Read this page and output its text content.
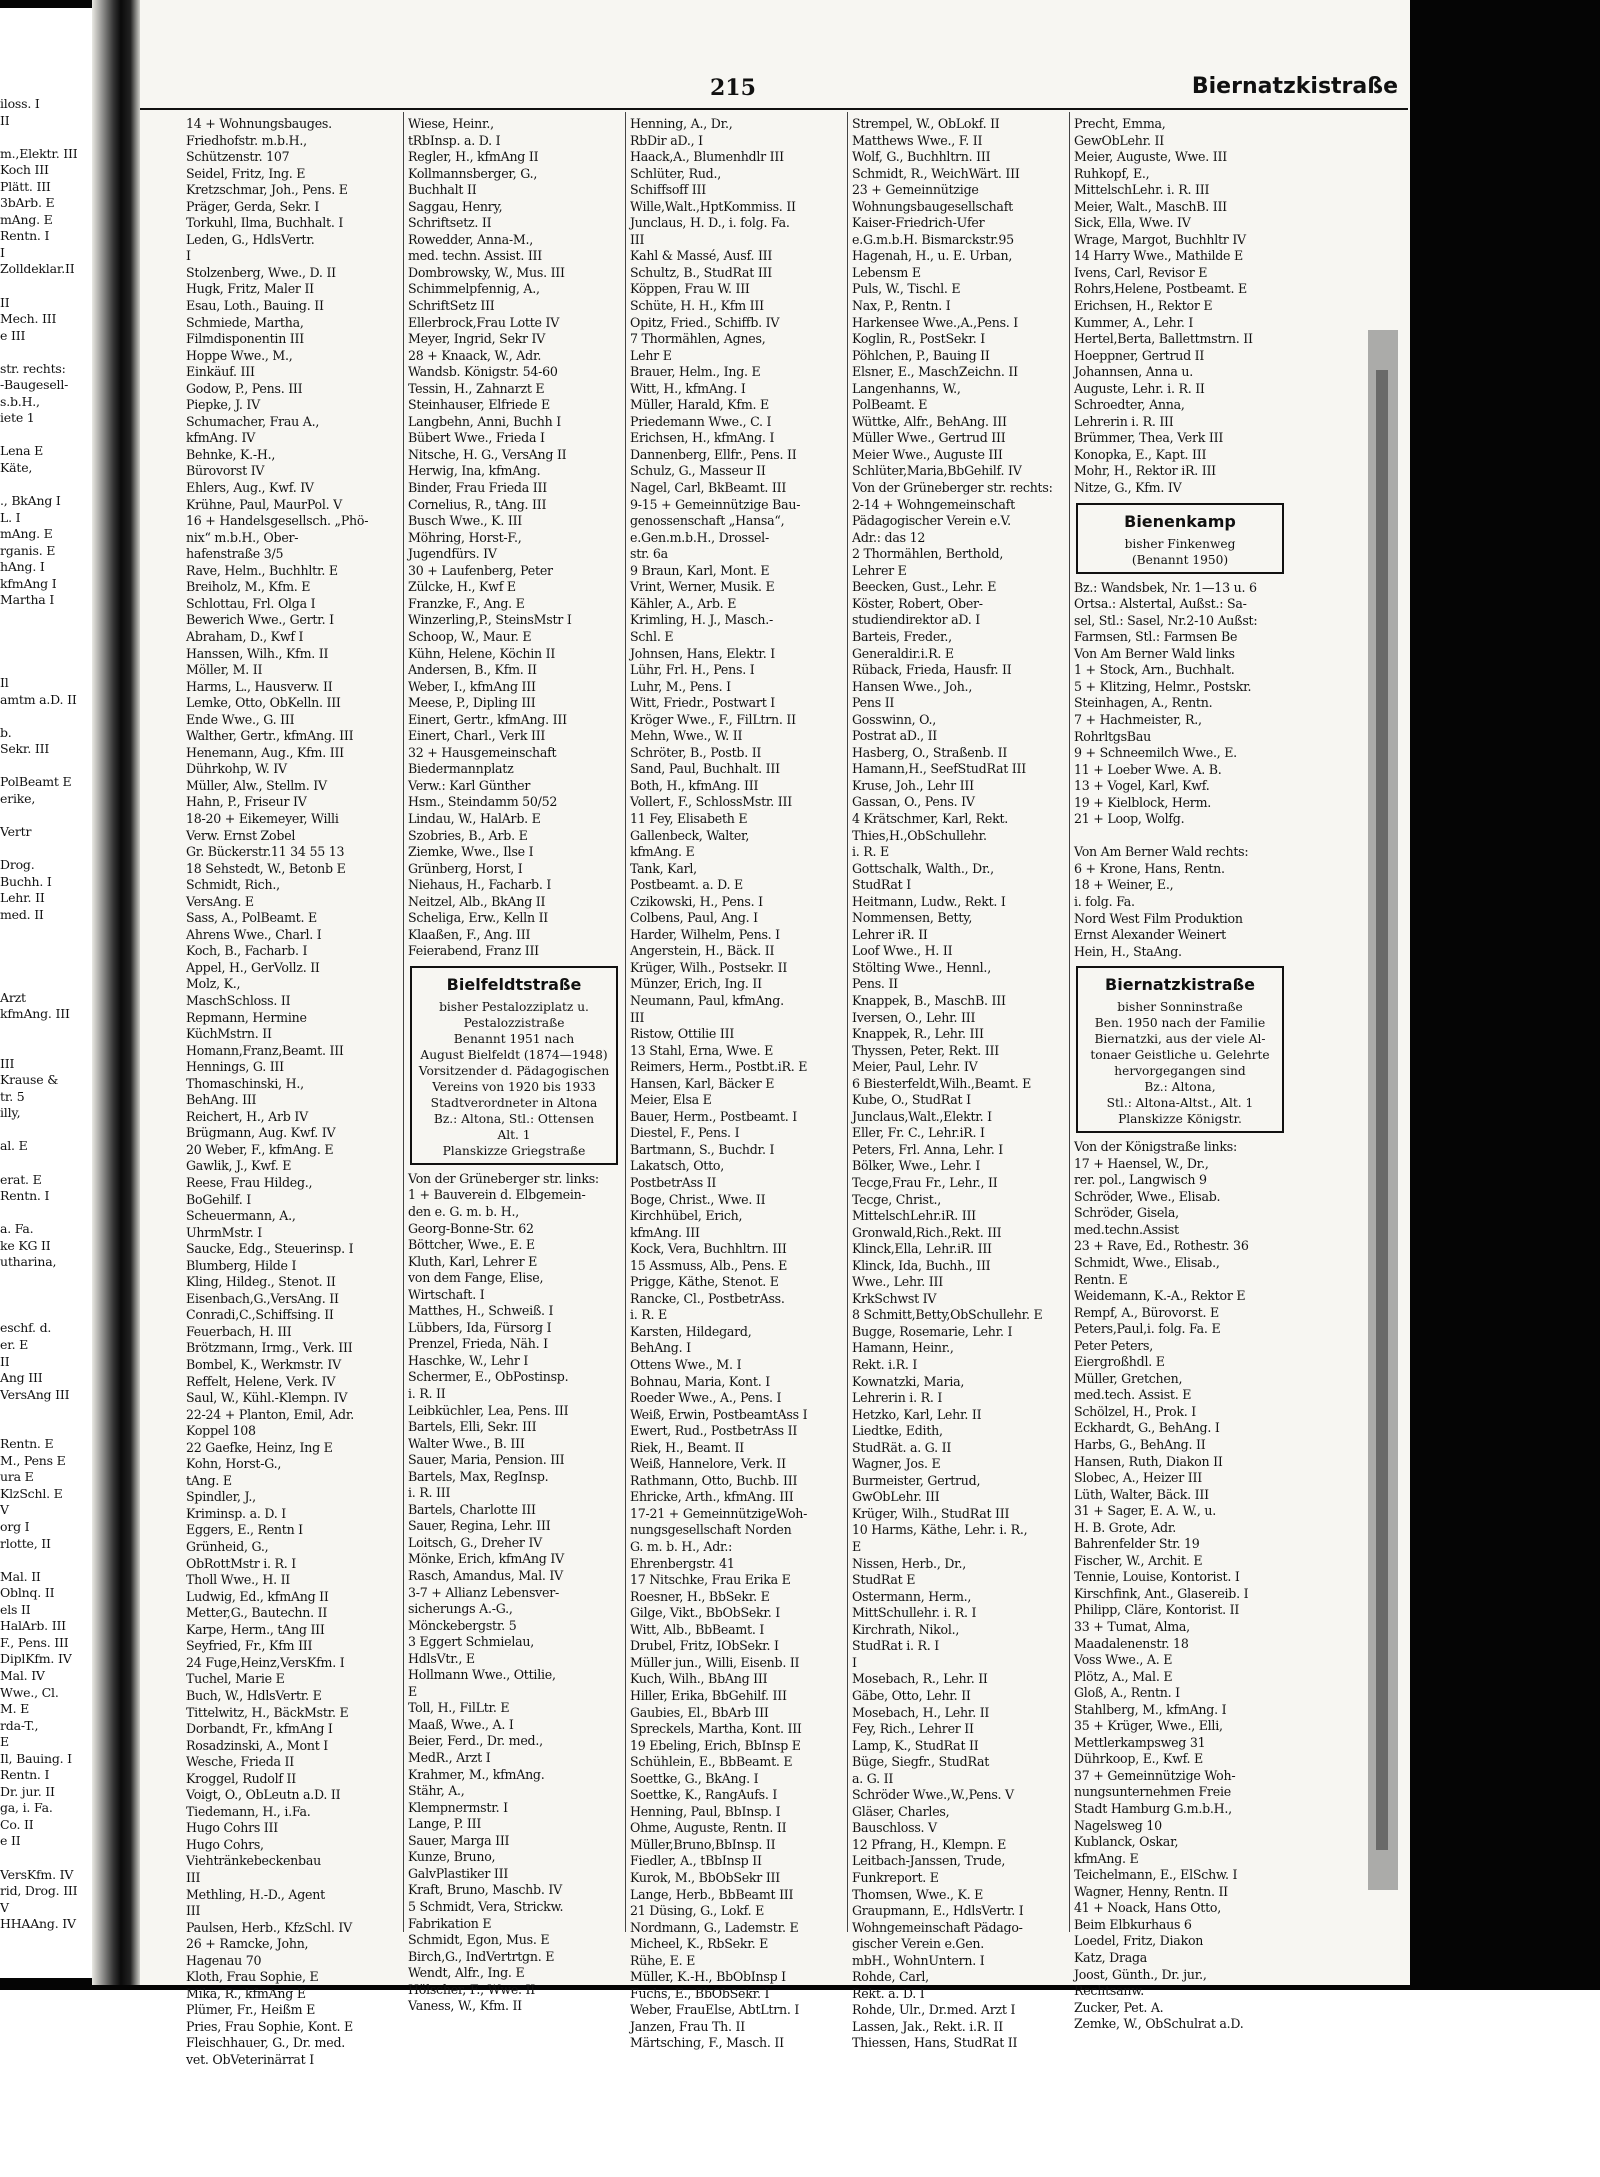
iloss. I
II

m.,Elektr. III
Koch III
Plätt. III
3bArb. E
mAng. E
Rentn. I
I
Zolldeklar.II

II
Mech. III
e III

str. rechts:
-Baugesell-
s.b.H.,
iete 1

Lena E
Käte,

., BkAng I
L. I
mAng. E
rganis. E
hAng. I
kfmAng I
Martha I

Il
amtm a.D. II

b.
Sekr. III

PolBeamt E
erike,

Vertr

Drog.
Buchh. I
Lehr. II
med. II

Arzt
kfmAng. III

III
Krause &
tr. 5
illy,

al. E

erat. E
Rentn. I

a. Fa.
ke KG II
utharina,

eschf. d.
er. E
II
Ang III
VersAng III

Rentn. E
M., Pens E
ura E
KlzSchl. E
V
org I
rlotte, II

Mal. II
Oblnq. II
els II
HalArb. III
F., Pens. III
DiplKfm. IV
Mal. IV
Wwe., Cl.
M. E
rda-T.,
E
Il, Bauing. I
Rentn. I
Dr. jur. II
ga, i. Fa.
Co. II
e II

VersKfm. IV
rid, Drog. III
V
HHAAng. IV
215	Biernatzkistraße
14 + Wohnungsbauges.
Friedhofstr. m.b.H.,
Schützenstr. 107
Seidel, Fritz, Ing. E
Kretzschmar, Joh., Pens. E
Präger, Gerda, Sekr. I
Torkuhl, Ilma, Buchhalt. I
Leden, G., HdlsVertr.
I
Stolzenberg, Wwe., D. II
Hugk, Fritz, Maler II
Esau, Loth., Bauing. II
Schmiede, Martha,
Filmdisponentin III
Hoppe Wwe., M.,
Einkäuf. III
Godow, P., Pens. III
Piepke, J. IV
Schumacher, Frau A.,
kfmAng. IV
Behnke, K.-H.,
Bürovorst IV
Ehlers, Aug., Kwf. IV
Krühne, Paul, MaurPol. V
16 + Handelsgesellsch. „Phö-
nix“ m.b.H., Ober-
hafenstraße 3/5
Rave, Helm., Buchhltr. E
Breiholz, M., Kfm. E
Schlottau, Frl. Olga I
Bewerich Wwe., Gertr. I
Abraham, D., Kwf I
Hanssen, Wilh., Kfm. II
Möller, M. II
Harms, L., Hausverw. II
Lemke, Otto, ObKelln. III
Ende Wwe., G. III
Walther, Gertr., kfmAng. III
Henemann, Aug., Kfm. III
Dührkohp, W. IV
Müller, Alw., Stellm. IV
Hahn, P., Friseur IV
18-20 + Eikemeyer, Willi
Verw. Ernst Zobel
Gr. Bückerstr.11 34 55 13
18 Sehstedt, W., Betonb E
Schmidt, Rich.,
VersAng. E
Sass, A., PolBeamt. E
Ahrens Wwe., Charl. I
Koch, B., Facharb. I
Appel, H., GerVollz. II
Molz, K.,
MaschSchloss. II
Repmann, Hermine
KüchMstrn. II
Homann,Franz,Beamt. III
Hennings, G. III
Thomaschinski, H.,
BehAng. III
Reichert, H., Arb IV
Brügmann, Aug. Kwf. IV
20 Weber, F., kfmAng. E
Gawlik, J., Kwf. E
Reese, Frau Hildeg.,
BoGehilf. I
Scheuermann, A.,
UhrmMstr. I
Saucke, Edg., Steuerinsp. I
Blumberg, Hilde I
Kling, Hildeg., Stenot. II
Eisenbach,G.,VersAng. II
Conradi,C.,Schiffsing. II
Feuerbach, H. III
Brötzmann, Irmg., Verk. III
Bombel, K., Werkmstr. IV
Reffelt, Helene, Verk. IV
Saul, W., Kühl.-Klempn. IV
22-24 + Planton, Emil, Adr.
Koppel 108
22 Gaefke, Heinz, Ing E
Kohn, Horst-G.,
tAng. E
Spindler, J.,
Kriminsp. a. D. I
Eggers, E., Rentn I
Grünheid, G.,
ObRottMstr i. R. I
Tholl Wwe., H. II
Ludwig, Ed., kfmAng II
Metter,G., Bautechn. II
Karpe, Herm., tAng III
Seyfried, Fr., Kfm III
24 Fuge,Heinz,VersKfm. I
Tuchel, Marie E
Buch, W., HdlsVertr. E
Tittelwitz, H., BäckMstr. E
Dorbandt, Fr., kfmAng I
Rosadzinski, A., Mont I
Wesche, Frieda II
Kroggel, Rudolf II
Voigt, O., ObLeutn a.D. II
Tiedemann, H., i.Fa.
Hugo Cohrs III
Hugo Cohrs,
Viehtränkebeckenbau
III
Methling, H.-D., Agent
III
Paulsen, Herb., KfzSchl. IV
26 + Ramcke, John,
Hagenau 70
Kloth, Frau Sophie, E
Mika, R., kfmAng E
Plümer, Fr., Heißm E
Pries, Frau Sophie, Kont. E
Fleischhauer, G., Dr. med.
vet. ObVeterinärrat I
Wiese, Heinr.,
tRbInsp. a. D. I
Regler, H., kfmAng II
Kollmannsberger, G.,
Buchhalt II
Saggau, Henry,
Schriftsetz. II
Rowedder, Anna-M.,
med. techn. Assist. III
Dombrowsky, W., Mus. III
Schimmelpfennig, A.,
SchriftSetz III
Ellerbrock,Frau Lotte IV
Meyer, Ingrid, Sekr IV
28 + Knaack, W., Adr.
Wandsb. Königstr. 54-60
Tessin, H., Zahnarzt E
Steinhauser, Elfriede E
Langbehn, Anni, Buchh I
Bübert Wwe., Frieda I
Nitsche, H. G., VersAng II
Herwig, Ina, kfmAng.
Binder, Frau Frieda III
Cornelius, R., tAng. III
Busch Wwe., K. III
Möhring, Horst-F.,
Jugendfürs. IV
30 + Laufenberg, Peter
Zülcke, H., Kwf E
Franzke, F., Ang. E
Winzerling,P., SteinsMstr I
Schoop, W., Maur. E
Kühn, Helene, Köchin II
Andersen, B., Kfm. II
Weber, I., kfmAng III
Meese, P., Dipling III
Einert, Gertr., kfmAng. III
Einert, Charl., Verk III
32 + Hausgemeinschaft
Biedermannplatz
Verw.: Karl Günther
Hsm., Steindamm 50/52
Lindau, W., HalArb. E
Szobries, B., Arb. E
Ziemke, Wwe., Ilse I
Grünberg, Horst, I
Niehaus, H., Facharb. I
Neitzel, Alb., BkAng II
Scheliga, Erw., Kelln II
Klaaßen, F., Ang. III
Feierabend, Franz III
Bielfeldtstraße
bisher Pestalozziplatz u.
Pestalozzistraße
Benannt 1951 nach
August Bielfeldt (1874—1948)
Vorsitzender d. Pädagogischen
Vereins von 1920 bis 1933
Stadtverordneter in Altona
Bz.: Altona, Stl.: Ottensen
Alt. 1
Planskizze Griegstraße
Von der Grüneberger str. links:
1 + Bauverein d. Elbgemein-
den e. G. m. b. H.,
Georg-Bonne-Str. 62
Böttcher, Wwe., E. E
Kluth, Karl, Lehrer E
von dem Fange, Elise,
Wirtschaft. I
Matthes, H., Schweiß. I
Lübbers, Ida, Fürsorg I
Prenzel, Frieda, Näh. I
Haschke, W., Lehr I
Schermer, E., ObPostinsp.
i. R. II
Leibküchler, Lea, Pens. III
Bartels, Elli, Sekr. III
Walter Wwe., B. III
Sauer, Maria, Pension. III
Bartels, Max, RegInsp.
i. R. III
Bartels, Charlotte III
Sauer, Regina, Lehr. III
Loitsch, G., Dreher IV
Mönke, Erich, kfmAng IV
Rasch, Amandus, Mal. IV
3-7 + Allianz Lebensver-
sicherungs A.-G.,
Mönckebergstr. 5
3 Eggert Schmielau,
HdlsVtr., E
Hollmann Wwe., Ottilie,
E
Toll, H., FilLtr. E
Maaß, Wwe., A. I
Beier, Ferd., Dr. med.,
MedR., Arzt I
Krahmer, M., kfmAng.
Stähr, A.,
Klempnermstr. I
Lange, P. III
Sauer, Marga III
Kunze, Bruno,
GalvPlastiker III
Kraft, Bruno, Maschb. IV
5 Schmidt, Vera, Strickw.
Fabrikation E
Schmidt, Egon, Mus. E
Birch,G., IndVertrtgn. E
Wendt, Alfr., Ing. E
Hölscher, F., Wwe. II
Vaness, W., Kfm. II
Henning, A., Dr.,
RbDir aD., I
Haack,A., Blumenhdlr III
Schlüter, Rud.,
Schiffsoff III
Wille,Walt.,HptKommiss. II
Junclaus, H. D., i. folg. Fa.
III
Kahl & Massé, Ausf. III
Schultz, B., StudRat III
Köppen, Frau W. III
Schüte, H. H., Kfm III
Opitz, Fried., Schiffb. IV
7 Thormählen, Agnes,
Lehr E
Brauer, Helm., Ing. E
Witt, H., kfmAng. I
Müller, Harald, Kfm. E
Priedemann Wwe., C. I
Erichsen, H., kfmAng. I
Dannenberg, Ellfr., Pens. II
Schulz, G., Masseur II
Nagel, Carl, BkBeamt. III
9-15 + Gemeinnützige Bau-
genossenschaft „Hansa“,
e.Gen.m.b.H., Drossel-
str. 6a
9 Braun, Karl, Mont. E
Vrint, Werner, Musik. E
Kähler, A., Arb. E
Krimling, H. J., Masch.-
Schl. E
Johnsen, Hans, Elektr. I
Lühr, Frl. H., Pens. I
Luhr, M., Pens. I
Witt, Friedr., Postwart I
Kröger Wwe., F., FilLtrn. II
Mehn, Wwe., W. II
Schröter, B., Postb. II
Sand, Paul, Buchhalt. III
Both, H., kfmAng. III
Vollert, F., SchlossMstr. III
11 Fey, Elisabeth E
Gallenbeck, Walter,
kfmAng. E
Tank, Karl,
Postbeamt. a. D. E
Czikowski, H., Pens. I
Colbens, Paul, Ang. I
Harder, Wilhelm, Pens. I
Angerstein, H., Bäck. II
Krüger, Wilh., Postsekr. II
Münzer, Erich, Ing. II
Neumann, Paul, kfmAng.
III
Ristow, Ottilie III
13 Stahl, Erna, Wwe. E
Reimers, Herm., Postbt.iR. E
Hansen, Karl, Bäcker E
Meier, Elsa E
Bauer, Herm., Postbeamt. I
Diestel, F., Pens. I
Bartmann, S., Buchdr. I
Lakatsch, Otto,
PostbetrAss II
Boge, Christ., Wwe. II
Kirchhübel, Erich,
kfmAng. III
Kock, Vera, Buchhltrn. III
15 Assmuss, Alb., Pens. E
Prigge, Käthe, Stenot. E
Rancke, Cl., PostbetrAss.
i. R. E
Karsten, Hildegard,
BehAng. I
Ottens Wwe., M. I
Bohnau, Maria, Kont. I
Roeder Wwe., A., Pens. I
Weiß, Erwin, PostbeamtAss I
Ewert, Rud., PostbetrAss II
Riek, H., Beamt. II
Weiß, Hannelore, Verk. II
Rathmann, Otto, Buchb. III
Ehricke, Arth., kfmAng. III
17-21 + GemeinnützigeWoh-
nungsgesellschaft Norden
G. m. b. H., Adr.:
Ehrenbergstr. 41
17 Nitschke, Frau Erika E
Roesner, H., BbSekr. E
Gilge, Vikt., BbObSekr. I
Witt, Alb., BbBeamt. I
Drubel, Fritz, IObSekr. I
Müller jun., Willi, Eisenb. II
Kuch, Wilh., BbAng III
Hiller, Erika, BbGehilf. III
Gaubies, El., BbArb III
Spreckels, Martha, Kont. III
19 Ebeling, Erich, BbInsp E
Schühlein, E., BbBeamt. E
Soettke, G., BkAng. I
Soettke, K., RangAufs. I
Henning, Paul, BbInsp. I
Ohme, Auguste, Rentn. II
Müller,Bruno,BbInsp. II
Fiedler, A., tBbInsp II
Kurok, M., BbObSekr III
Lange, Herb., BbBeamt III
21 Düsing, G., Lokf. E
Nordmann, G., Lademstr. E
Micheel, K., RbSekr. E
Rühe, E. E
Müller, K.-H., BbObInsp I
Fuchs, E., BbObSekr. I
Weber, FrauElse, AbtLtrn. I
Janzen, Frau Th. II
Märtsching, F., Masch. II
Strempel, W., ObLokf. II
Matthews Wwe., F. II
Wolf, G., Buchhltrn. III
Schmidt, R., WeichWärt. III
23 + Gemeinnützige
Wohnungsbaugesellschaft
Kaiser-Friedrich-Ufer
e.G.m.b.H. Bismarckstr.95
Hagenah, H., u. E. Urban,
Lebensm E
Puls, W., Tischl. E
Nax, P., Rentn. I
Harkensee Wwe.,A.,Pens. I
Koglin, R., PostSekr. I
Pöhlchen, P., Bauing II
Elsner, E., MaschZeichn. II
Langenhanns, W.,
PolBeamt. E
Wüttke, Alfr., BehAng. III
Müller Wwe., Gertrud III
Meier Wwe., Auguste III
Schlüter,Maria,BbGehilf. IV
Von der Grüneberger str. rechts:
2-14 + Wohngemeinschaft
Pädagogischer Verein e.V.
Adr.: das 12
2 Thormählen, Berthold,
Lehrer E
Beecken, Gust., Lehr. E
Köster, Robert, Ober-
studiendirektor aD. I
Barteis, Freder.,
Generaldir.i.R. E
Rüback, Frieda, Hausfr. II
Hansen Wwe., Joh.,
Pens II
Gosswinn, O.,
Postrat aD., II
Hasberg, O., Straßenb. II
Hamann,H., SeefStudRat III
Kruse, Joh., Lehr III
Gassan, O., Pens. IV
4 Krätschmer, Karl, Rekt.
Thies,H.,ObSchullehr.
i. R. E
Gottschalk, Walth., Dr.,
StudRat I
Heitmann, Ludw., Rekt. I
Nommensen, Betty,
Lehrer iR. II
Loof Wwe., H. II
Stölting Wwe., Hennl.,
Pens. II
Knappek, B., MaschB. III
Iversen, O., Lehr. III
Knappek, R., Lehr. III
Thyssen, Peter, Rekt. III
Meier, Paul, Lehr. IV
6 Biesterfeldt,Wilh.,Beamt. E
Kube, O., StudRat I
Junclaus,Walt.,Elektr. I
Eller, Fr. C., Lehr.iR. I
Peters, Frl. Anna, Lehr. I
Bölker, Wwe., Lehr. I
Tecge,Frau Fr., Lehr., II
Tecge, Christ.,
MittelschLehr.iR. III
Gronwald,Rich.,Rekt. III
Klinck,Ella, Lehr.iR. III
Klinck, Ida, Buchh., III
Wwe., Lehr. III
KrkSchwst IV
8 Schmitt,Betty,ObSchullehr. E
Bugge, Rosemarie, Lehr. I
Hamann, Heinr.,
Rekt. i.R. I
Kownatzki, Maria,
Lehrerin i. R. I
Hetzko, Karl, Lehr. II
Liedtke, Edith,
StudRät. a. G. II
Wagner, Jos. E
Burmeister, Gertrud,
GwObLehr. III
Krüger, Wilh., StudRat III
10 Harms, Käthe, Lehr. i. R.,
E
Nissen, Herb., Dr.,
StudRat E
Ostermann, Herm.,
MittSchullehr. i. R. I
Kirchrath, Nikol.,
StudRat i. R. I
I
Mosebach, R., Lehr. II
Gäbe, Otto, Lehr. II
Mosebach, H., Lehr. II
Fey, Rich., Lehrer II
Lamp, K., StudRat II
Büge, Siegfr., StudRat
a. G. II
Schröder Wwe.,W.,Pens. V
Gläser, Charles,
Bauschloss. V
12 Pfrang, H., Klempn. E
Leitbach-Janssen, Trude,
Funkreport. E
Thomsen, Wwe., K. E
Graupmann, E., HdlsVertr. I
Wohngemeinschaft Pädago-
gischer Verein e.Gen.
mbH., WohnUntern. I
Rohde, Carl,
Rekt. a. D. I
Rohde, Ulr., Dr.med. Arzt I
Lassen, Jak., Rekt. i.R. II
Thiessen, Hans, StudRat II
Precht, Emma,
GewObLehr. II
Meier, Auguste, Wwe. III
Ruhkopf, E.,
MittelschLehr. i. R. III
Meier, Walt., MaschB. III
Sick, Ella, Wwe. IV
Wrage, Margot, Buchhltr IV
14 Harry Wwe., Mathilde E
Ivens, Carl, Revisor E
Rohrs,Helene, Postbeamt. E
Erichsen, H., Rektor E
Kummer, A., Lehr. I
Hertel,Berta, Ballettmstrn. II
Hoeppner, Gertrud II
Johannsen, Anna u.
Auguste, Lehr. i. R. II
Schroedter, Anna,
Lehrerin i. R. III
Brümmer, Thea, Verk III
Konopka, E., Kapt. III
Mohr, H., Rektor iR. III
Nitze, G., Kfm. IV
Bienenkamp
bisher Finkenweg
(Benannt 1950)
Bz.: Wandsbek, Nr. 1—13 u. 6
Ortsa.: Alstertal, Außst.: Sa-
sel, Stl.: Sasel, Nr.2-10 Außst:
Farmsen, Stl.: Farmsen Be
Von Am Berner Wald links
1 + Stock, Arn., Buchhalt.
5 + Klitzing, Helmr., Postskr.
Steinhagen, A., Rentn.
7 + Hachmeister, R.,
RohrltgsBau
9 + Schneemilch Wwe., E.
11 + Loeber Wwe. A. B.
13 + Vogel, Karl, Kwf.
19 + Kielblock, Herm.
21 + Loop, Wolfg.

Von Am Berner Wald rechts:
6 + Krone, Hans, Rentn.
18 + Weiner, E.,
i. folg. Fa.
Nord West Film Produktion
Ernst Alexander Weinert
Hein, H., StaAng.
Biernatzkistraße
bisher Sonninstraße
Ben. 1950 nach der Familie
Biernatzki, aus der viele Al-
tonaer Geistliche u. Gelehrte
hervorgegangen sind
Bz.: Altona,
Stl.: Altona-Altst., Alt. 1
Planskizze Königstr.
Von der Königstraße links:
17 + Haensel, W., Dr.,
rer. pol., Langwisch 9
Schröder, Wwe., Elisab.
Schröder, Gisela,
med.techn.Assist
23 + Rave, Ed., Rothestr. 36
Schmidt, Wwe., Elisab.,
Rentn. E
Weidemann, K.-A., Rektor E
Rempf, A., Bürovorst. E
Peters,Paul,i. folg. Fa. E
Peter Peters,
Eiergroßhdl. E
Müller, Gretchen,
med.tech. Assist. E
Schölzel, H., Prok. I
Eckhardt, G., BehAng. I
Harbs, G., BehAng. II
Hansen, Ruth, Diakon II
Slobec, A., Heizer III
Lüth, Walter, Bäck. III
31 + Sager, E. A. W., u.
H. B. Grote, Adr.
Bahrenfelder Str. 19
Fischer, W., Archit. E
Tennie, Louise, Kontorist. I
Kirschfink, Ant., Glasereib. I
Philipp, Cläre, Kontorist. II
33 + Tumat, Alma,
Maadalenenstr. 18
Voss Wwe., A. E
Plötz, A., Mal. E
Gloß, A., Rentn. I
Stahlberg, M., kfmAng. I
35 + Krüger, Wwe., Elli,
Mettlerkampsweg 31
Dührkoop, E., Kwf. E
37 + Gemeinnützige Woh-
nungsunternehmen Freie
Stadt Hamburg G.m.b.H.,
Nagelsweg 10
Kublanck, Oskar,
kfmAng. E
Teichelmann, E., ElSchw. I
Wagner, Henny, Rentn. II
41 + Noack, Hans Otto,
Beim Elbkurhaus 6
Loedel, Fritz, Diakon
Katz, Draga
Joost, Günth., Dr. jur.,
Rechtsanw.
Zucker, Pet. A.
Zemke, W., ObSchulrat a.D.
